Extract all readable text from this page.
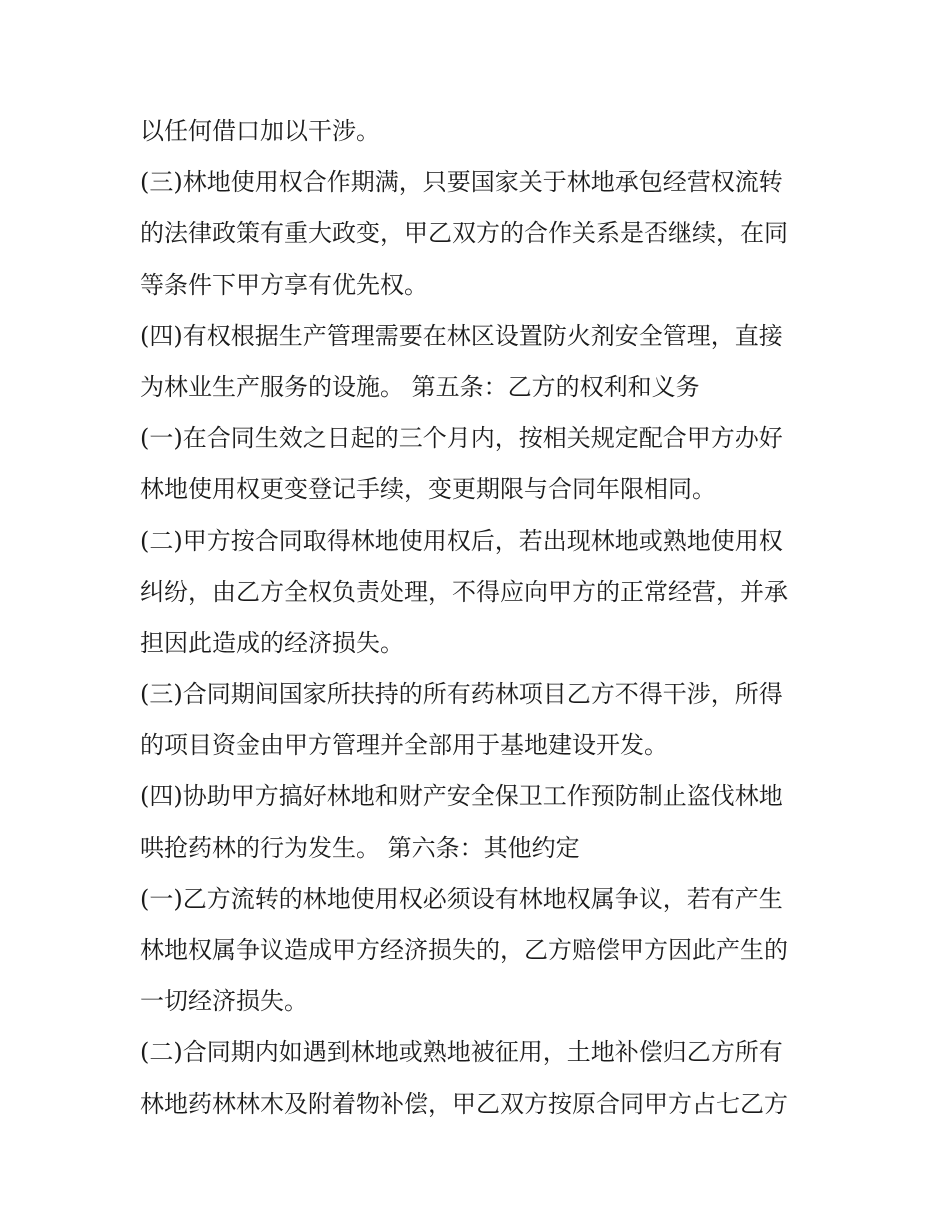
以任何借口加以干涉。
(三)林地使用权合作期满，只要国家关于林地承包经营权流转
的法律政策有重大政变，甲乙双方的合作关系是否继续，在同
等条件下甲方享有优先权。
(四)有权根据生产管理需要在林区设置防火剂安全管理，直接
为林业生产服务的设施。 第五条：乙方的权利和义务
(一)在合同生效之日起的三个月内，按相关规定配合甲方办好
林地使用权更变登记手续，变更期限与合同年限相同。
(二)甲方按合同取得林地使用权后，若出现林地或熟地使用权
纠纷，由乙方全权负责处理，不得应向甲方的正常经营，并承
担因此造成的经济损失。
(三)合同期间国家所扶持的所有药林项目乙方不得干涉，所得
的项目资金由甲方管理并全部用于基地建设开发。
(四)协助甲方搞好林地和财产安全保卫工作预防制止盗伐林地
哄抢药林的行为发生。 第六条：其他约定
(一)乙方流转的林地使用权必须设有林地权属争议，若有产生
林地权属争议造成甲方经济损失的，乙方赔偿甲方因此产生的
一切经济损失。
(二)合同期内如遇到林地或熟地被征用，土地补偿归乙方所有
林地药林林木及附着物补偿，甲乙双方按原合同甲方占七乙方
